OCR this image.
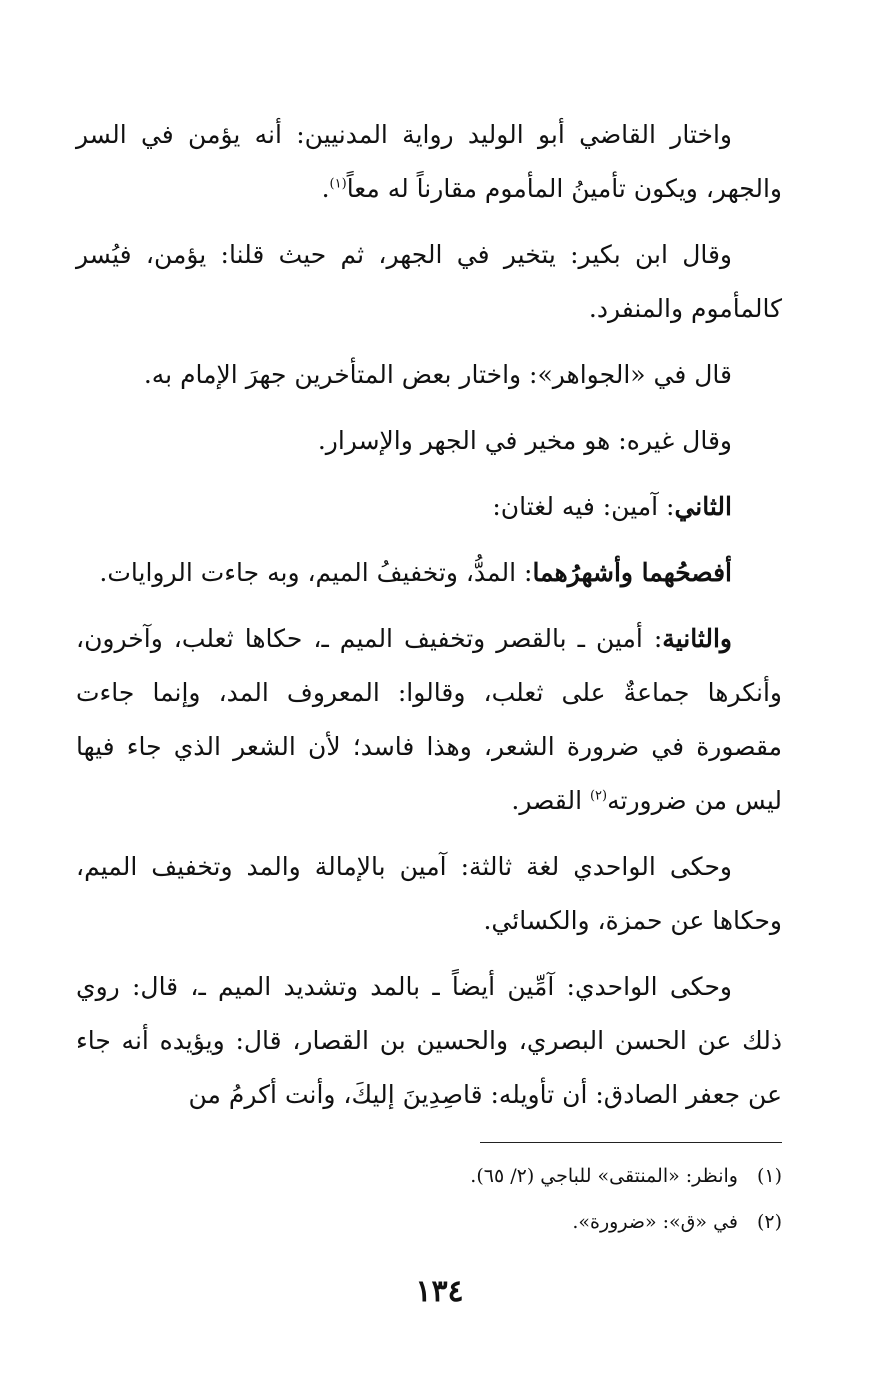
واختار القاضي أبو الوليد رواية المدنيين: أنه يؤمن في السر والجهر، ويكون تأمينُ المأموم مقارناً له معاً$^{(١)}$.

وقال ابن بكير: يتخير في الجهر، ثم حيث قلنا: يؤمن، فيُسر كالمأموم والمنفرد.

قال في «الجواهر»: واختار بعض المتأخرين جهرَ الإمام به.

وقال غيره: هو مخير في الجهر والإسرار.

الثاني: آمين: فيه لغتان:

أفصحُهما وأشهرُهما: المدُّ، وتخفيفُ الميم، وبه جاءت الروايات.

والثانية: أمين ـ بالقصر وتخفيف الميم ـ، حكاها ثعلب، وآخرون، وأنكرها جماعةٌ على ثعلب، وقالوا: المعروف المد، وإنما جاءت مقصورة في ضرورة الشعر، وهذا فاسد؛ لأن الشعر الذي جاء فيها ليس من ضرورته$^{(٢)}$ القصر.

وحكى الواحدي لغة ثالثة: آمين بالإمالة والمد وتخفيف الميم، وحكاها عن حمزة، والكسائي.

وحكى الواحدي: آمِّين أيضاً ـ بالمد وتشديد الميم ـ، قال: روي ذلك عن الحسن البصري، والحسين بن القصار، قال: ويؤيده أنه جاء عن جعفر الصادق: أن تأويله: قاصِدِينَ إليكَ، وأنت أكرمُ من

(١)
وانظر: «المنتقى» للباجي (٢/ ٦٥).
(٢)
في «ق»: «ضرورة».
١٣٤
